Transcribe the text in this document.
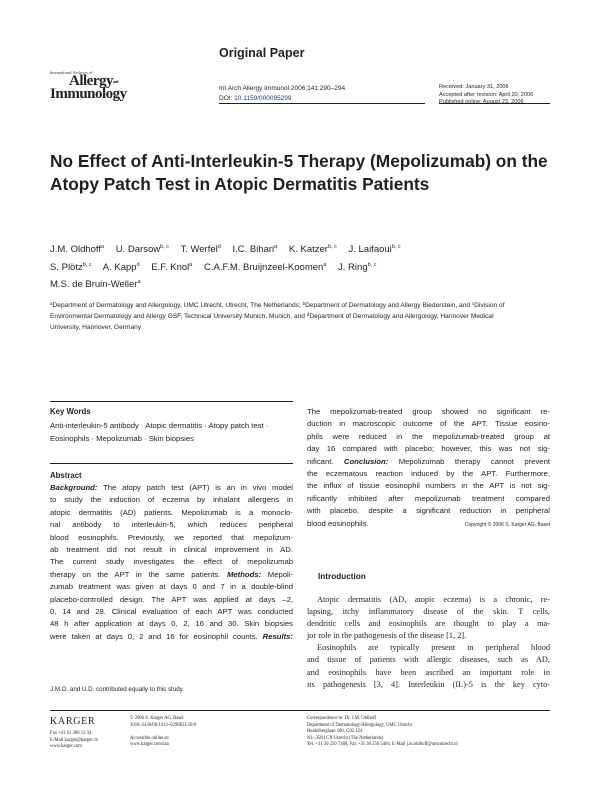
Original Paper
International Archives of
Allergy$^{and}$
Immunology	Int Arch Allergy Immunol 2006;141:290–294
DOI: 10.1159/000095299
Received: January 31, 2006
Accepted after revision: April 20, 2006
Published online: August 23, 2006
No Effect of Anti-Interleukin-5 Therapy (Mepolizumab) on the Atopy Patch Test in Atopic Dermatitis Patients
J.M. Oldhoff$^a$ U. Darsow$^{b, c}$ T. Werfel$^d$ I.C. Bihari$^a$ K. Katzer$^{b, c}$ J. Laifaoui$^{b, c}$
S. Plötz$^{b, c}$ A. Kapp$^d$ E.F. Knol$^a$ C.A.F.M. Bruijnzeel-Koomen$^a$ J. Ring$^{b, c}$
M.S. de Bruin-Weller$^a$
$^a$Department of Dermatology and Allergology, UMC Utrecht, Utrecht, The Netherlands; $^b$Department of Dermatology and Allergy Biederstein, and $^c$Division of Environmental Dermatology and Allergy GSF, Technical University Munich, Munich, and $^d$Department of Dermatology and Allergology, Hannover Medical University, Hannover, Germany
Key Words
Anti-interleukin-5 antibody · Atopic dermatitis · Atopy patch test · Eosinophils · Mepolizumab · Skin biopsies
Abstract
Background: The atopy patch test (APT) is an in vivo model
to study the induction of eczema by inhalant allergens in
atopic dermatitis (AD) patients. Mepolizumab is a monoclo-
nal antibody to interleukin-5, which reduces peripheral
blood eosinophils. Previously, we reported that mepolizum-
ab treatment did not result in clinical improvement in AD.
The current study investigates the effect of mepolizumab
therapy on the APT in the same patients. Methods: Mepoli-
zumab treatment was given at days 0 and 7 in a double-blind
placebo-controlled design. The APT was applied at days –2,
0, 14 and 28. Clinical evaluation of each APT was conducted
48 h after application at days 0, 2, 16 and 30. Skin biopsies
were taken at days 0, 2 and 16 for eosinophil counts. Results:
The mepolizumab-treated group showed no significant re-
duction in macroscopic outcome of the APT. Tissue eosino-
phils were reduced in the mepolizumab-treated group at
day 16 compared with placebo; however, this was not sig-
nificant. Conclusion: Mepolizumab therapy cannot prevent
the eczematous reaction induced by the APT. Furthermore,
the influx of tissue eosinophil numbers in the APT is not sig-
nificantly inhibited after mepolizumab treatment compared
with placebo, despite a significant reduction in peripheral
blood eosinophils.	Copyright © 2006 S. Karger AG, Basel
Introduction
Atopic dermatitis (AD, atopic eczema) is a chronic, re-
lapsing, itchy inflammatory disease of the skin. T cells,
dendritic cells and eosinophils are thought to play a ma-
jor role in the pathogenesis of the disease [1, 2].
Eosinophils are typically present in peripheral blood
and tissue of patients with allergic diseases, such as AD,
and eosinophils have been ascribed an important role in
its pathogenesis [3, 4]. Interleukin (IL)-5 is the key cyto-
J.M.O. and U.D. contributed equally to this study.
KARGER
Fax +41 61 306 12 34
E-Mail karger@karger.ch
www.karger.com
© 2006 S. Karger AG, Basel
1018–2438/06/1413–0290$23.50/0

Accessible online at:
www.karger.com/iaa
Correspondence to: Dr. J.M. Oldhoff
Department of Dermatology/Allergology, UMC Utrecht
Heidelberglaan 100, G02.124
NL–3584 CX Utrecht (The Netherlands)
Tel. +31 30 250 7388, Fax +31 30 250 5404, E-Mail j.m.oldhoff@umcutrecht.nl
